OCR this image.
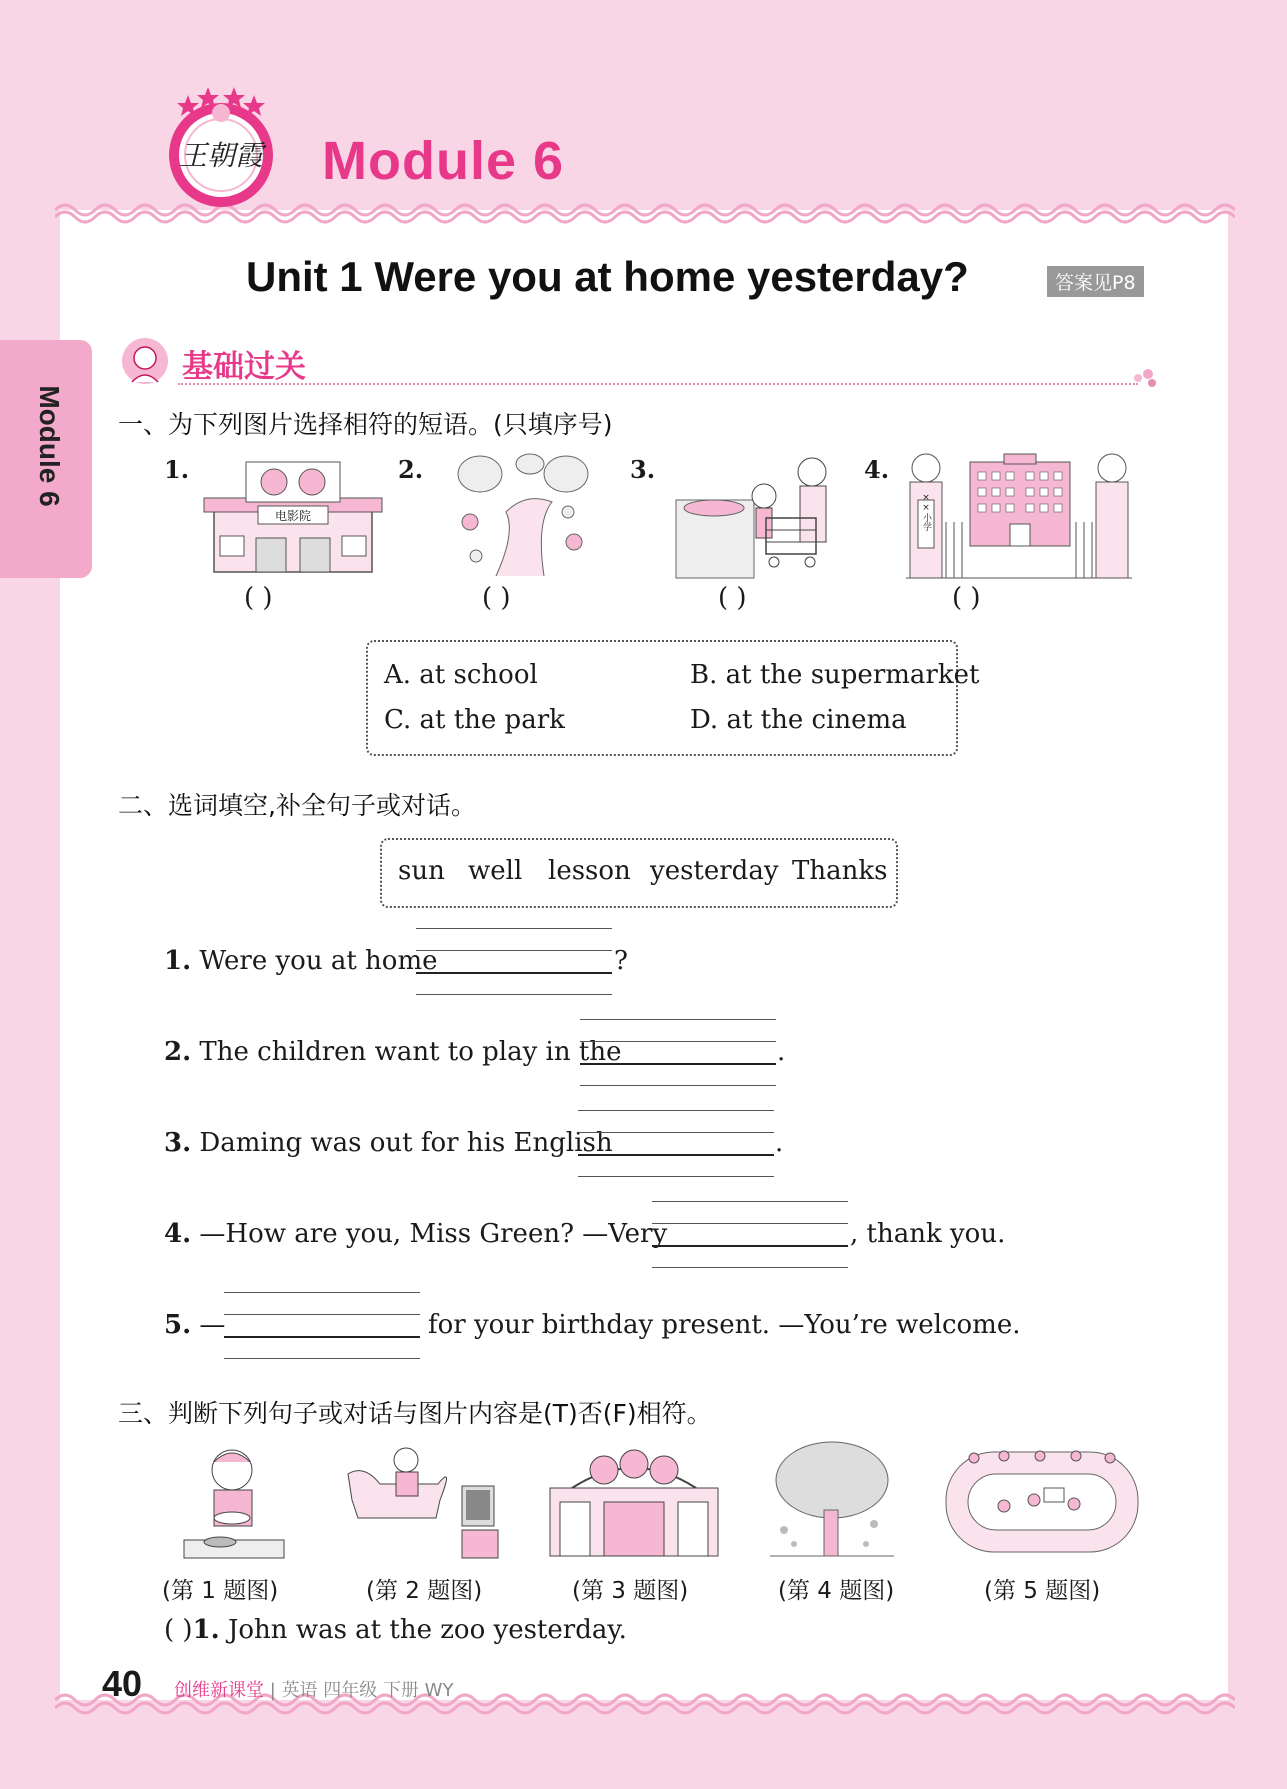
王朝霞 Module 6
Module 6
Unit 1 Were you at home yesterday?	答案见P8
基础过关
一、为下列图片选择相符的短语。(只填序号)
1.
电影院
( )
2.
( )
3.
( )
4.
××小学
( )
A. at school	B. at the supermarket
C. at the park	D. at the cinema
二、选词填空,补全句子或对话。
sun well lesson yesterday Thanks
1. Were you at home	?
2. The children want to play in the	.
3. Daming was out for his English	.
4. —How are you, Miss Green? —Very	, thank you.
5. —	for your birthday present. —You’re welcome.
三、判断下列句子或对话与图片内容是(T)否(F)相符。
(第 1 题图)	(第 2 题图)	(第 3 题图)	(第 4 题图)	(第 5 题图)
( )1. John was at the zoo yesterday.
40 创维新课堂 | 英语 四年级 下册 WY
